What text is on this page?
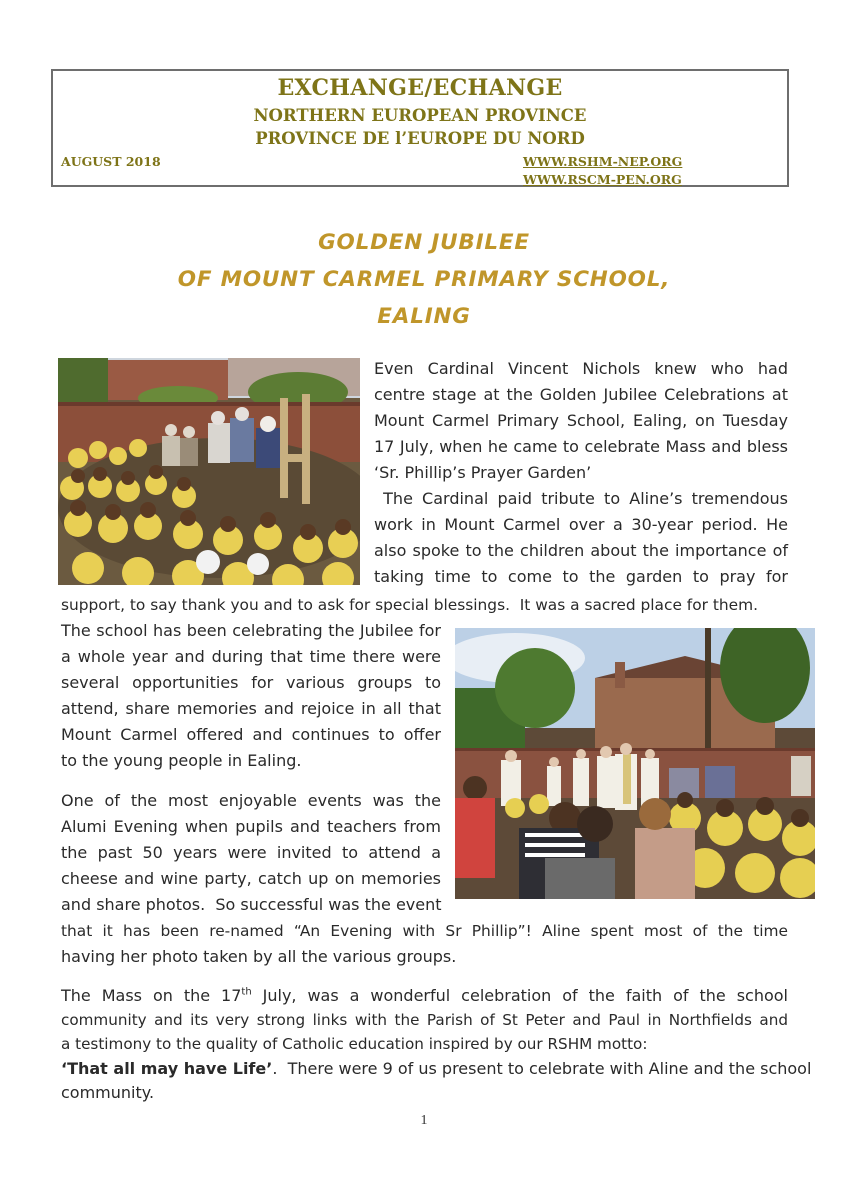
EXCHANGE/ECHANGE
NORTHERN EUROPEAN PROVINCE
PROVINCE DE l’EUROPE DU NORD
AUGUST 2018	WWW.RSHM-NEP.ORG
WWW.RSCM-PEN.ORG
GOLDEN JUBILEE
OF MOUNT CARMEL PRIMARY SCHOOL,
EALING
Even Cardinal Vincent Nichols knew who had
centre stage at the Golden Jubilee Celebrations at
Mount Carmel Primary School, Ealing, on Tuesday
17 July, when he came to celebrate Mass and bless
‘Sr. Phillip’s Prayer Garden’
The Cardinal paid tribute to Aline’s tremendous
work in Mount Carmel over a 30-year period. He
also spoke to the children about the importance of
taking time to come to the garden to pray for
support, to say thank you and to ask for special blessings.  It was a sacred place for them.
The school has been celebrating the Jubilee for
a whole year and during that time there were
several opportunities for various groups to
attend, share memories and rejoice in all that
Mount Carmel offered and continues to offer
to the young people in Ealing.
One of the most enjoyable events was the
Alumi Evening when pupils and teachers from
the past 50 years were invited to attend a
cheese and wine party, catch up on memories
and share photos.  So successful was the event
that it has been re-named “An Evening with Sr Phillip”! Aline spent most of the time
having her photo taken by all the various groups.
The Mass on the 17th July, was a wonderful celebration of the faith of the school
community and its very strong links with the Parish of St Peter and Paul in Northfields and
a testimony to the quality of Catholic education inspired by our RSHM motto:
‘That all may have Life’.  There were 9 of us present to celebrate with Aline and the school
community.
1
